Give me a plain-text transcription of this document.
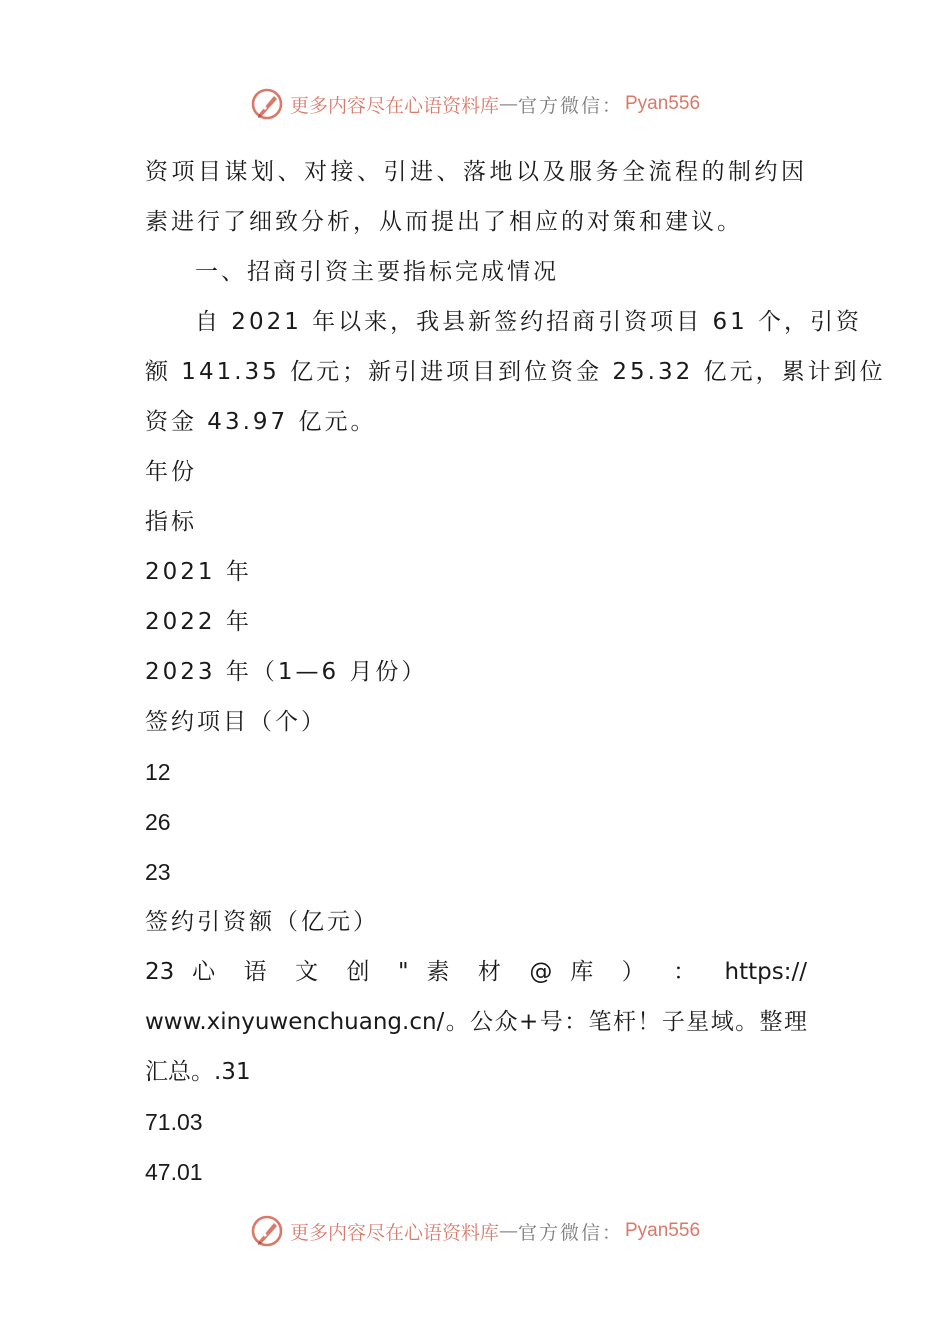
更多内容尽在心语资料库 — 官方微信： Pyan556
资项目谋划、对接、引进、落地以及服务全流程的制约因
素进行了细致分析，从而提出了相应的对策和建议。
一、招商引资主要指标完成情况
自 2021 年以来，我县新签约招商引资项目 61 个，引资
额 141.35 亿元；新引进项目到位资金 25.32 亿元，累计到位
资金 43.97 亿元。
年份
指标
2021 年
2022 年
2023 年（1—6 月份）
签约项目（个）
12
26
23
签约引资额（亿元）
23 心 语 文 创 " 素 材 @ 库 ） ： https://
www.xinyuwenchuang.cn/。公众+号：笔杆！子星域。整理
汇总。.31
71.03
47.01
更多内容尽在心语资料库 — 官方微信： Pyan556
